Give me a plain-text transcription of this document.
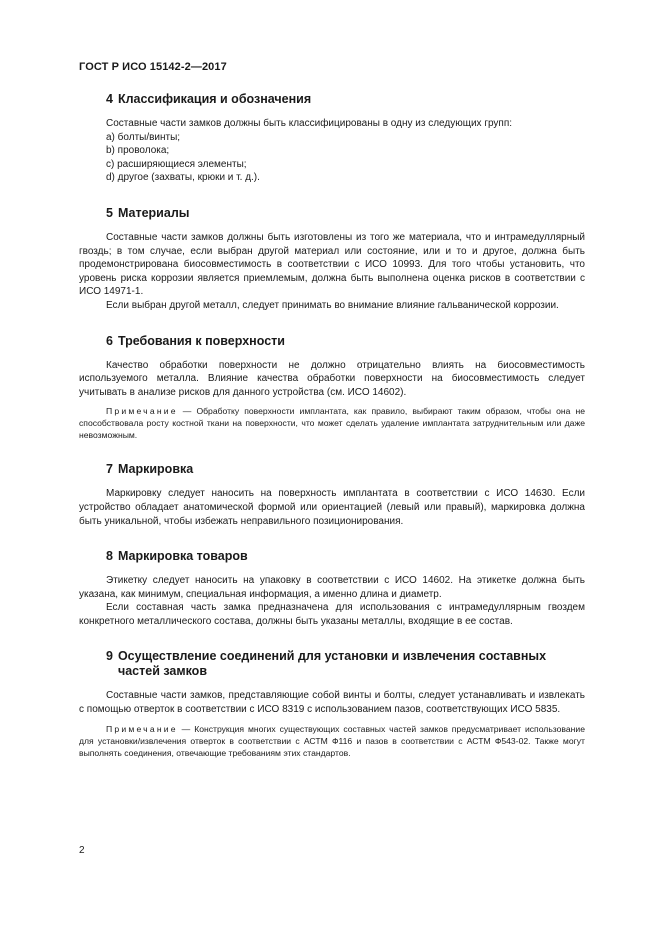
ГОСТ Р ИСО 15142-2—2017
4 Классификация и обозначения

Составные части замков должны быть классифицированы в одну из следующих групп:

a) болты/винты;

b) проволока;

c) расширяющиеся элементы;

d) другое (захваты, крюки и т. д.).

5 Материалы

Составные части замков должны быть изготовлены из того же материала, что и интрамедуллярный гвоздь; в том случае, если выбран другой материал или состояние, или и то и другое, должна быть продемонстрирована биосовместимость в соответствии с ИСО 10993. Для того чтобы установить, что уровень риска коррозии является приемлемым, должна быть выполнена оценка рисков в соответствии с ИСО 14971-1.

Если выбран другой металл, следует принимать во внимание влияние гальванической коррозии.

6 Требования к поверхности

Качество обработки поверхности не должно отрицательно влиять на биосовместимость используемого металла. Влияние качества обработки поверхности на биосовместимость следует учитывать в анализе рисков для данного устройства (см. ИСО 14602).

Примечание — Обработку поверхности имплантата, как правило, выбирают таким образом, чтобы она не способствовала росту костной ткани на поверхности, что может сделать удаление имплантата затруднительным или даже невозможным.

7 Маркировка

Маркировку следует наносить на поверхность имплантата в соответствии с ИСО 14630. Если устройство обладает анатомической формой или ориентацией (левый или правый), маркировка должна быть уникальной, чтобы избежать неправильного позиционирования.

8 Маркировка товаров

Этикетку следует наносить на упаковку в соответствии с ИСО 14602. На этикетке должна быть указана, как минимум, специальная информация, а именно длина и диаметр.

Если составная часть замка предназначена для использования с интрамедуллярным гвоздем конкретного металлического состава, должны быть указаны металлы, входящие в ее состав.

9 Осуществление соединений для установки и извлечения составных частей замков

Составные части замков, представляющие собой винты и болты, следует устанавливать и извлекать с помощью отверток в соответствии с ИСО 8319 с использованием пазов, соответствующих ИСО 5835.

Примечание — Конструкция многих существующих составных частей замков предусматривает использование для установки/извлечения отверток в соответствии с АСТМ Ф116 и пазов в соответствии с АСТМ Ф543-02. Также могут выполнять соединения, отвечающие требованиям этих стандартов.

2
